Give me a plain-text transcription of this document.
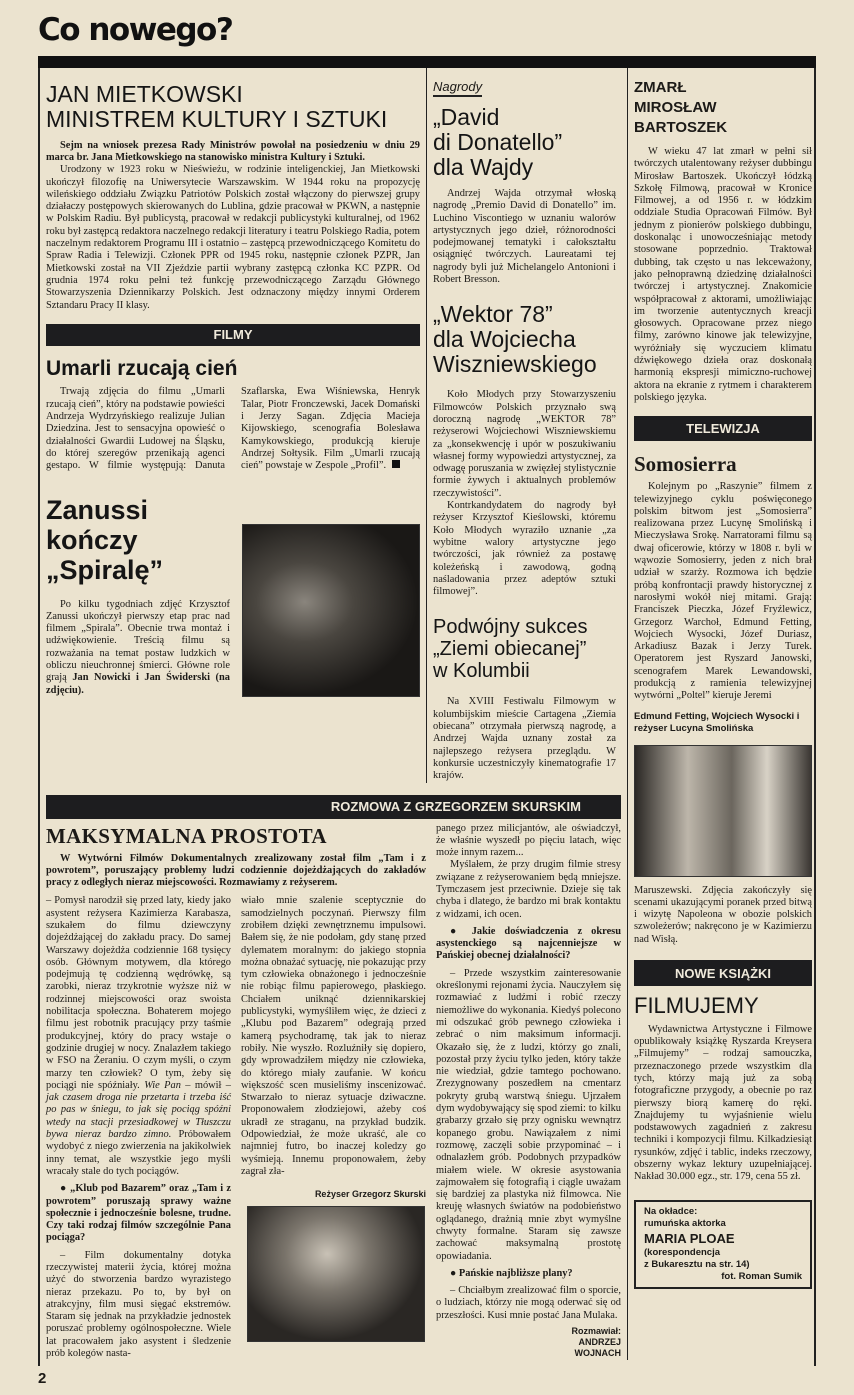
Co nowego?
JAN MIETKOWSKI
MINISTREM KULTURY I SZTUKI

Sejm na wniosek prezesa Rady Ministrów powołał na posiedzeniu w dniu 29 marca br. Jana Mietkowskiego na stanowisko ministra Kultury i Sztuki.

Urodzony w 1923 roku w Nieświeżu, w rodzinie inteligenckiej, Jan Mietkowski ukończył filozofię na Uniwersytecie Warszawskim. W 1944 roku na propozycję wileńskiego oddziału Związku Patriotów Polskich został włączony do pierwszej grupy działaczy postępowych skierowanych do Lublina, gdzie pracował w PKWN, a następnie w Polskim Radiu. Był publicystą, pracował w redakcji publicystyki kulturalnej, od 1962 roku był zastępcą redaktora naczelnego redakcji literatury i teatru Polskiego Radia, potem naczelnym redaktorem Programu III i ostatnio – zastępcą przewodniczącego Komitetu do Spraw Radia i Telewizji. Członek PPR od 1945 roku, następnie członek PZPR, Jan Mietkowski został na VII Zjeździe partii wybrany zastępcą członka KC PZPR. Od grudnia 1974 roku pełni też funkcję przewodniczącego Zarządu Głównego Stowarzyszenia Dziennikarzy Polskich. Jest odznaczony między innymi Orderem Sztandaru Pracy II klasy.

FILMY
Umarli rzucają cień

Trwają zdjęcia do filmu „Umarli rzucają cień”, który na podstawie powieści Andrzeja Wydrzyńskiego realizuje Julian Dziedzina. Jest to sensacyjna opowieść o działalności Gwardii Ludowej na Śląsku, do której szeregów przenikają agenci gestapo. W filmie występują: Danuta Szaflarska, Ewa Wiśniewska, Henryk Talar, Piotr Fronczewski, Jacek Domański i Jerzy Sagan. Zdjęcia Macieja Kijowskiego, scenografia Bolesława Kamykowskiego, produkcją kieruje Andrzej Sołtysik. Film „Umarli rzucają cień” powstaje w Zespole „Profil”.

Zanussi
kończy
„Spiralę”

Po kilku tygodniach zdjęć Krzysztof Zanussi ukończył pierwszy etap prac nad filmem „Spirala”. Obecnie trwa montaż i udźwiękowienie. Treścią filmu są rozważania na temat postaw ludzkich w obliczu nieuchronnej śmierci. Główne role grają Jan Nowicki i Jan Świderski (na zdjęciu).

Nagrody
„David
di Donatello”
dla Wajdy

Andrzej Wajda otrzymał włoską nagrodę „Premio David di Donatello” im. Luchino Viscontiego w uznaniu walorów artystycznych jego dzieł, różnorodności podejmowanej tematyki i całokształtu osiągnięć twórczych. Laureatami tej nagrody byli już Michelangelo Antonioni i Robert Bresson.

„Wektor 78”
dla Wojciecha
Wiszniewskiego

Koło Młodych przy Stowarzyszeniu Filmowców Polskich przyznało swą doroczną nagrodę „WEKTOR 78” reżyserowi Wojciechowi Wiszniewskiemu za „konsekwencję i upór w poszukiwaniu własnej formy wypowiedzi artystycznej, za odwagę poruszania w zwięzłej stylistycznie formie żywych i aktualnych problemów rzeczywistości”.

Kontrkandydatem do nagrody był reżyser Krzysztof Kieślowski, któremu Koło Młodych wyraziło uznanie „za wybitne walory artystyczne jego twórczości, jak również za postawę koleżeńską i zawodową, godną naśladowania przez adeptów sztuki filmowej”.

Podwójny sukces
„Ziemi obiecanej”
w Kolumbii

Na XVIII Festiwalu Filmowym w kolumbijskim mieście Cartagena „Ziemia obiecana” otrzymała pierwszą nagrodę, a Andrzej Wajda uznany został za najlepszego reżysera przeglądu. W konkursie uczestniczyły kinematografie 17 krajów.

ROZMOWA Z GRZEGORZEM SKURSKIM
MAKSYMALNA PROSTOTA
W Wytwórni Filmów Dokumentalnych zrealizowany został film „Tam i z powrotem”, poruszający problemy ludzi codziennie dojeżdżających do zakładów pracy z odległych nieraz miejscowości. Rozmawiamy z reżyserem.

– Pomysł narodził się przed laty, kiedy jako asystent reżysera Kazimierza Karabasza, szukałem do filmu dziewczyny dojeżdżającej do zakładu pracy. Do samej Warszawy dojeżdża codziennie 168 tysięcy osób. Głównym motywem, dla którego podejmują tę codzienną wędrówkę, są zarobki, nieraz trzykrotnie wyższe niż w rodzinnej miejscowości oraz swoista nobilitacja społeczna. Bohaterem mojego filmu jest robotnik pracujący przy taśmie produkcyjnej, który do pracy wstaje o godzinie drugiej w nocy. Znalazłem takiego w FSO na Żeraniu. O czym myśli, o czym marzy ten człowiek? O tym, żeby się pociągi nie spóźniały. Wie Pan – mówił – jak czasem droga nie przetarta i trzeba iść po pas w śniegu, to jak się pociąg spóźni wtedy na stacji przesiadkowej w Tłuszczu bywa nieraz bardzo zimno. Próbowałem wydobyć z niego zwierzenia na jakikolwiek inny temat, ale wszystkie jego myśli wracały stale do tych pociągów.

● „Klub pod Bazarem” oraz „Tam i z powrotem” poruszają sprawy ważne społecznie i jednocześnie bolesne, trudne. Czy taki rodzaj filmów szczególnie Pana pociąga?

– Film dokumentalny dotyka rzeczywistej materii życia, której można użyć do stworzenia bardzo wyrazistego nieraz przekazu. Po to, by był on atrakcyjny, film musi sięgać ekstremów. Staram się jednak na przykładzie jednostek poruszać problemy ogólnospołeczne. Wiele lat pracowałem jako asystent i śledzenie prób kolegów nasta-

wiało mnie szalenie sceptycznie do samodzielnych poczynań. Pierwszy film zrobiłem dzięki zewnętrznemu impulsowi. Bałem się, że nie podołam, gdy stanę przed dylematem moralnym: do jakiego stopnia można obnażać sytuację, nie pokazując przy tym człowieka obnażonego i jednocześnie nie robiąc filmu papierowego, płaskiego. Chciałem uniknąć dziennikarskiej publicystyki, wymyśliłem więc, że dzieci z „Klubu pod Bazarem” odegrają przed kamerą psychodramę, tak jak to nieraz robiły. Nie wyszło. Rozluźniły się dopiero, gdy wprowadziłem między nie człowieka, do którego miały zaufanie. W końcu większość scen musieliśmy inscenizować. Stwarzało to nieraz sytuacje dziwaczne. Proponowałem złodziejowi, ażeby coś ukradł ze straganu, na przykład budzik. Odpowiedział, że może ukraść, ale co najmniej futro, bo inaczej koledzy go wyśmieją. Innemu proponowałem, żeby zagrał zła-

Reżyser Grzegorz Skurski

panego przez milicjantów, ale oświadczył, że właśnie wyszedł po pięciu latach, więc może innym razem...

Myślałem, że przy drugim filmie stresy związane z reżyserowaniem będą mniejsze. Tymczasem jest przeciwnie. Dzieje się tak chyba i dlatego, że bardzo mi brak kontaktu z widzami, ich ocen.

● Jakie doświadczenia z okresu asystenckiego są najcenniejsze w Pańskiej obecnej działalności?

– Przede wszystkim zainteresowanie określonymi rejonami życia. Nauczyłem się rozmawiać z ludźmi i robić rzeczy niemożliwe do wykonania. Kiedyś polecono mi odszukać grób pewnego człowieka i zebrać o nim maksimum informacji. Okazało się, że z ludzi, którzy go znali, pozostał przy życiu tylko jeden, który także nie wiedział, gdzie tamtego pochowano. Zrezygnowany poszedłem na cmentarz pokryty grubą warstwą śniegu. Ujrzałem dym wydobywający się spod ziemi: to kilku grabarzy grzało się przy ognisku wewnątrz kopanego grobu. Nawiązałem z nimi rozmowę, zaczęli sobie przypominać – i odnalazłem grób. Podobnych przypadków miałem wiele. W okresie asystowania zajmowałem się fotografią i ciągle uważam się bardziej za plastyka niż filmowca. Nie kreuję własnych światów na podobieństwo oglądanego, drażnią mnie zbyt wymyślne chwyty formalne. Staram się zawsze zachować maksymalną prostotę opowiadania.

● Pańskie najbliższe plany?

– Chciałbym zrealizować film o sporcie, o ludziach, którzy nie mogą oderwać się od przeszłości. Kusi mnie postać Jana Mulaka.

Rozmawiał:
ANDRZEJ
WOJNACH
ZMARŁ
MIROSŁAW BARTOSZEK

W wieku 47 lat zmarł w pełni sił twórczych utalentowany reżyser dubbingu Mirosław Bartoszek. Ukończył łódzką Szkołę Filmową, pracował w Kronice Filmowej, a od 1956 r. w łódzkim oddziale Studia Opracowań Filmów. Był jednym z pionierów polskiego dubbingu, doskonaląc i unowocześniając metody stosowane poprzednio. Traktował dubbing, tak często u nas lekceważony, jako pełnoprawną dziedzinę działalności twórczej i artystycznej. Znakomicie współpracował z aktorami, umożliwiając im tworzenie autentycznych kreacji głosowych. Opracowane przez niego filmy, zarówno kinowe jak telewizyjne, wyróżniały się wyczuciem klimatu dźwiękowego dzieła oraz doskonałą harmonią ekspresji mimiczno-ruchowej aktora na ekranie z rytmem i charakterem polskiego języka.

TELEWIZJA
Somosierra

Kolejnym po „Raszynie” filmem z telewizyjnego cyklu poświęconego polskim bitwom jest „Somosierra” realizowana przez Lucynę Smolińską i Mieczysława Srokę. Narratorami filmu są dwaj oficerowie, którzy w 1808 r. byli w wąwozie Somosierry, jeden z nich brał udział w szarży. Rozmowa ich będzie próbą konfrontacji prawdy historycznej z narosłymi wokół niej mitami. Grają: Franciszek Pieczka, Józef Fryźlewicz, Grzegorz Warchoł, Edmund Fetting, Wojciech Wysocki, Józef Duriasz, Arkadiusz Bazak i Jerzy Turek. Operatorem jest Ryszard Janowski, scenografem Marek Lewandowski, produkcją z ramienia telewizyjnej wytwórni „Poltel” kieruje Jeremi

Edmund Fetting, Wojciech Wysocki i reżyser Lucyna Smolińska

Maruszewski. Zdjęcia zakończyły się scenami ukazującymi poranek przed bitwą i wizytę Napoleona w obozie polskich szwoleżerów; nakręcono je w Kazimierzu nad Wisłą.

NOWE KSIĄŻKI
FILMUJEMY

Wydawnictwa Artystyczne i Filmowe opublikowały książkę Ryszarda Kreysera „Filmujemy” – rodzaj samouczka, przeznaczonego przede wszystkim dla tych, którzy mają już za sobą fotograficzne przygody, a obecnie po raz pierwszy biorą kamerę do ręki. Znajdujemy tu wyjaśnienie wielu podstawowych zagadnień z zakresu techniki i kompozycji filmu. Kilkadziesiąt rysunków, zdjęć i tablic, indeks rzeczowy, obszerny wykaz lektury uzupełniającej. Nakład 30.000 egz., str. 179, cena 55 zł.

Na okładce:
rumuńska aktorka
MARIA PLOAE
(korespondencja
z Bukaresztu na str. 14)
fot. Roman Sumik
2
